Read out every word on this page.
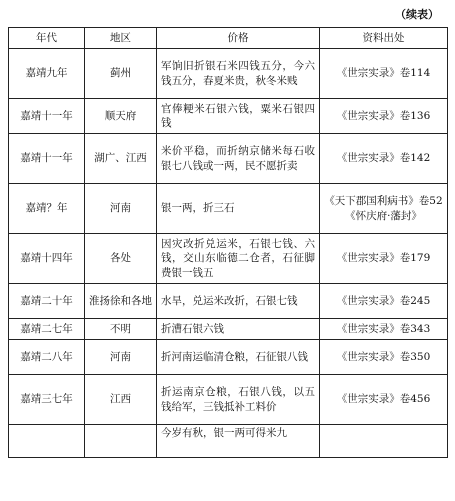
（续表）
年代	地区	价格	资料出处
嘉靖九年	蓟州	军饷旧折银石米四钱五分，今六钱五分，春夏米贵，秋冬米贱	《世宗实录》卷114
嘉靖十一年	顺天府	官俸粳米石银六钱，粟米石银四钱	《世宗实录》卷136
嘉靖十一年	湖广、江西	米价平稳，而折纳京储米每石收银七八钱或一两，民不愿折卖	《世宗实录》卷142
嘉靖？年	河南	银一两，折三石	《天下郡国利病书》卷52《怀庆府·藩封》
嘉靖十四年	各处	因灾改折兑运米，石银七钱、六钱，交山东临德二仓者，石征脚费银一钱五	《世宗实录》卷179
嘉靖二十年	淮扬徐和各地	水旱，兑运米改折，石银七钱	《世宗实录》卷245
嘉靖二七年	不明	折漕石银六钱	《世宗实录》卷343
嘉靖二八年	河南	折河南运临清仓粮，石征银八钱	《世宗实录》卷350
嘉靖三七年	江西	折运南京仓粮，石银八钱，以五钱给军，三钱抵补工料价	《世宗实录》卷456
		今岁有秋，银一两可得米九	
